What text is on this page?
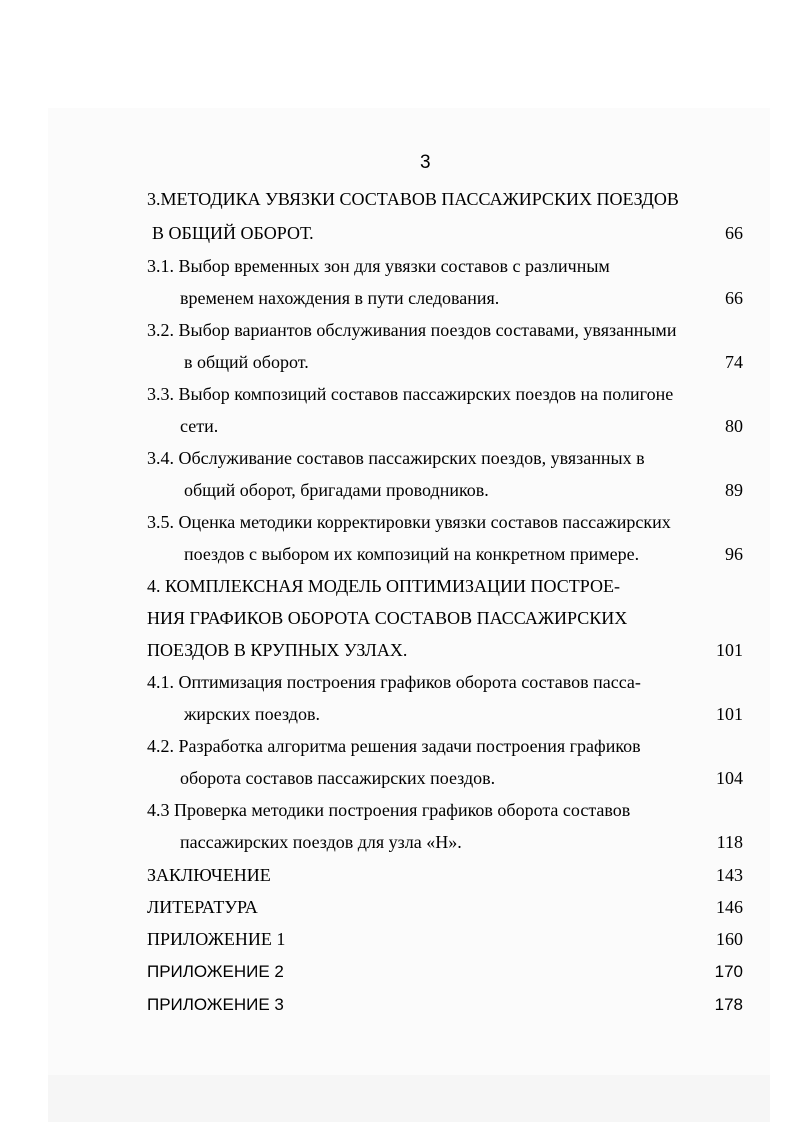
3
3.МЕТОДИКА УВЯЗКИ СОСТАВОВ ПАССАЖИРСКИХ ПОЕЗДОВ
В ОБЩИЙ ОБОРОТ.	66
3.1. Выбор временных зон для увязки составов с различным
временем нахождения в пути следования.	66
3.2. Выбор вариантов обслуживания поездов составами, увязанными
в общий оборот.	74
3.3. Выбор композиций составов пассажирских поездов на полигоне
сети.	80
3.4. Обслуживание составов пассажирских поездов, увязанных в
общий оборот, бригадами проводников.	89
3.5. Оценка методики корректировки увязки составов пассажирских
поездов с выбором их композиций на конкретном примере.	96
4. КОМПЛЕКСНАЯ МОДЕЛЬ ОПТИМИЗАЦИИ ПОСТРОЕ-
НИЯ ГРАФИКОВ ОБОРОТА СОСТАВОВ ПАССАЖИРСКИХ
ПОЕЗДОВ В КРУПНЫХ УЗЛАХ.	101
4.1. Оптимизация построения графиков оборота составов пасса-
жирских поездов.	101
4.2. Разработка алгоритма решения задачи построения графиков
оборота составов пассажирских поездов.	104
4.3 Проверка методики построения графиков оборота составов
пассажирских поездов для узла «Н».	118
ЗАКЛЮЧЕНИЕ	143
ЛИТЕРАТУРА	146
ПРИЛОЖЕНИЕ 1	160
ПРИЛОЖЕНИЕ 2	170
ПРИЛОЖЕНИЕ 3	178
